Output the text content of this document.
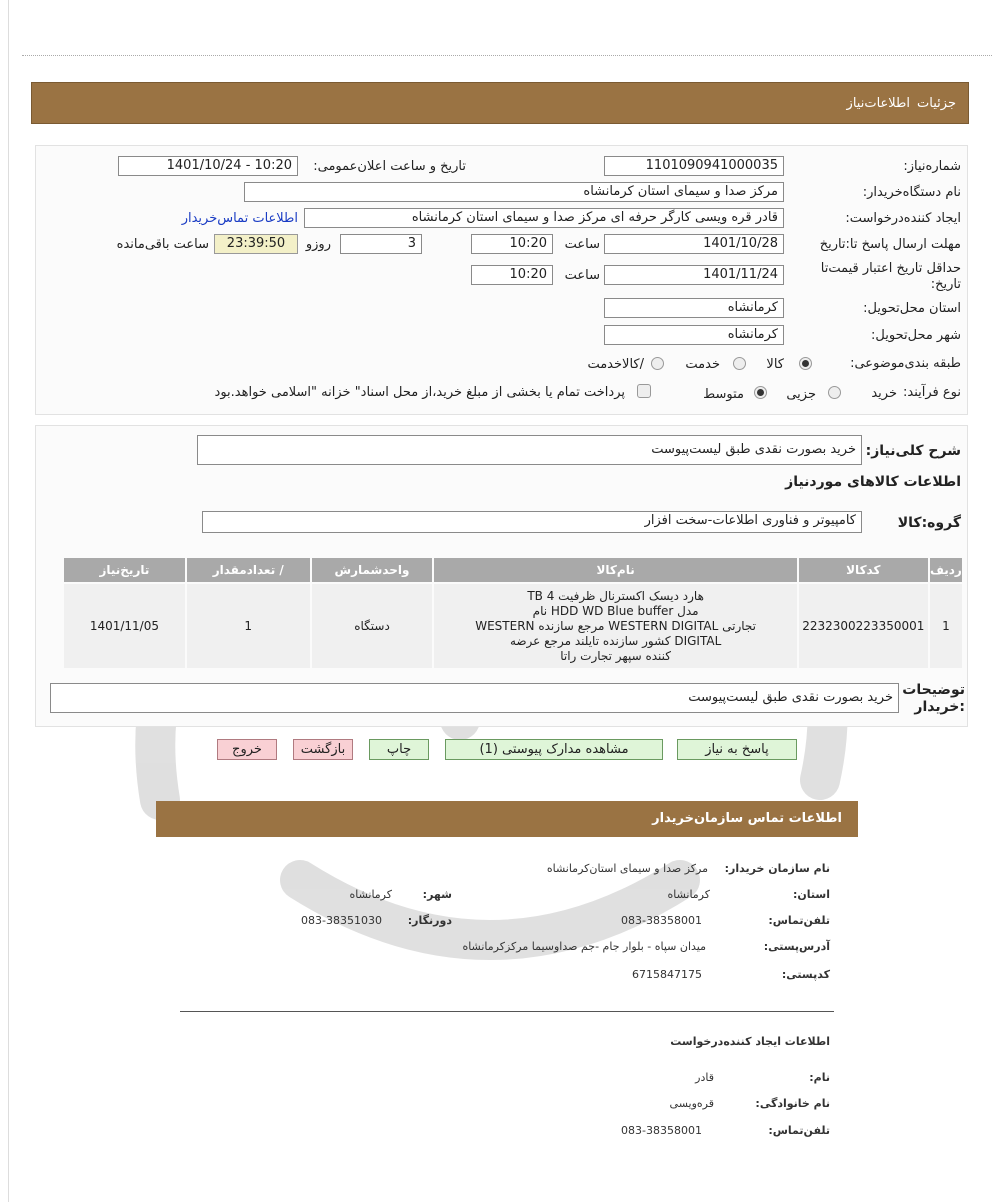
جزئیات
اطلاعات‌نیاز
شماره‌نیاز:
1101090941000035
تاریخ و ساعت اعلان‌عمومی:
1401/10/24 - 10:20
نام دستگاه‌خریدار:
مرکز صدا و سیمای استان کرمانشاه
ایجاد کننده‌درخواست:
قادر قره ویسی کارگر حرفه ای مرکز صدا و سیمای استان کرمانشاه
اطلاعات تماس‌خریدار
مهلت ارسال پاسخ تا:تاریخ
1401/10/28
ساعت
10:20
3
روزو
23:39:50
ساعت باقی‌مانده
حداقل تاریخ اعتبار قیمت‌تا
تاریخ:
1401/11/24
ساعت
10:20
استان محل‌تحویل:
کرمانشاه
شهر محل‌تحویل:
کرمانشاه
طبقه بندی‌موضوعی:
کالا
خدمت
/کالاخدمت
نوع فرآیند:
خرید
جزیی
متوسط
پرداخت تمام یا بخشی از مبلغ خرید،از محل اسناد" خزانه "اسلامی خواهد.بود
شرح کلی‌نیاز:
خرید بصورت نقدی طبق لیست‌پیوست
اطلاعات کالاهای موردنیاز
گروه:کالا
کامپیوتر و فناوری اطلاعات-سخت افزار
ردیف	کدکالا	نام‌کالا	واحدشمارش	/ تعدادمقدار	تاریخ‌نیاز
1	2232300223350001	هارد دیسک اکسترنال ظرفیت 4 TB
مدل HDD WD Blue buffer نام
تجارتی WESTERN DIGITAL مرجع سازنده WESTERN
DIGITAL کشور سازنده تایلند مرجع عرضه
کننده سپهر تجارت راتا	دستگاه	1	1401/11/05
توضیحات
:خریدار
خرید بصورت نقدی طبق لیست‌پیوست
پاسخ به نیاز
مشاهده مدارک پیوستی (1)
چاپ
بازگشت
خروج
اطلاعات تماس سازمان‌خریدار
نام سازمان‌ خریدار:
مرکز صدا و سیمای استان‌کرمانشاه
استان:
کرمانشاه
شهر:
کرمانشاه
تلفن‌تماس:
083-38358001
دورنگار:
083-38351030
آدرس‌پستی:
میدان سپاه - بلوار جام -جم صداوسیما مرکز‌کرمانشاه
کدپستی:
6715847175
اطلاعات ایجاد کننده‌درخواست
نام:
قادر
نام خانوادگی:
قره‌ویسی
تلفن‌تماس:
083-38358001
